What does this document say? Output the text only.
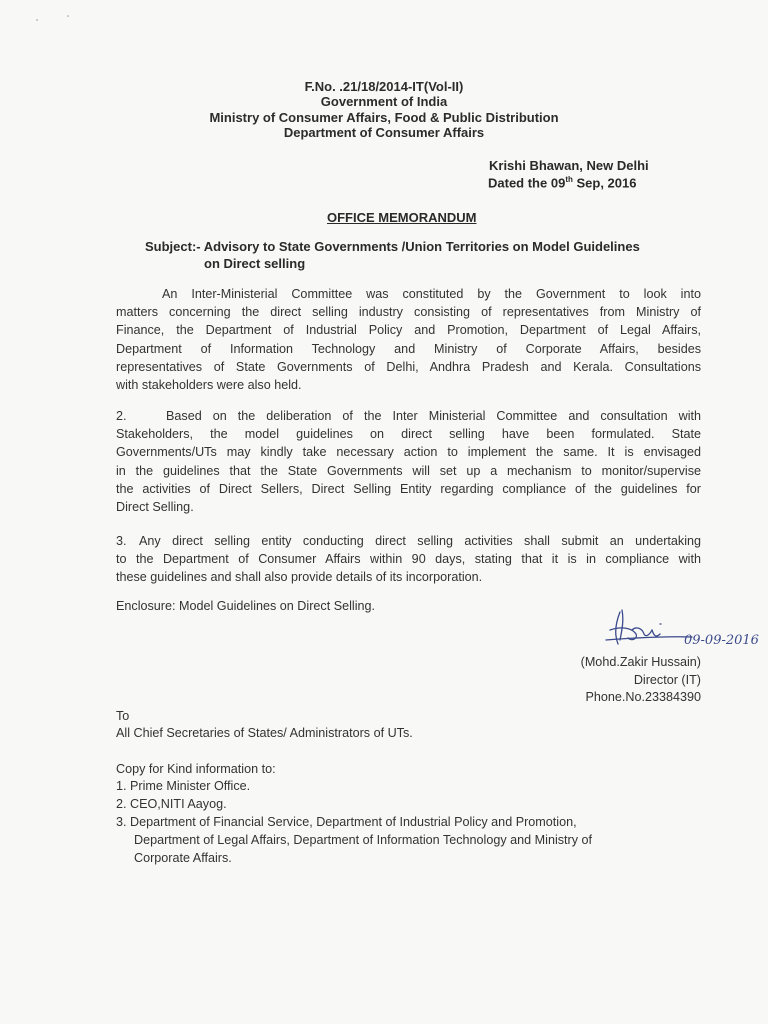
F.No. .21/18/2014-IT(Vol-II)
Government of India
Ministry of Consumer Affairs, Food & Public Distribution
Department of Consumer Affairs
Krishi Bhawan, New Delhi
Dated the 09th Sep, 2016
OFFICE MEMORANDUM
Subject:- Advisory to State Governments /Union Territories on Model Guidelines
on Direct selling
An Inter-Ministerial Committee was constituted by the Government to look into
matters concerning the direct selling industry consisting of representatives from Ministry of
Finance, the Department of Industrial Policy and Promotion, Department of Legal Affairs,
Department of Information Technology and Ministry of Corporate Affairs, besides
representatives of State Governments of Delhi, Andhra Pradesh and Kerala. Consultations
with stakeholders were also held.
2.	Based on the deliberation of the Inter Ministerial Committee and consultation with
Stakeholders, the model guidelines on direct selling have been formulated. State
Governments/UTs may kindly take necessary action to implement the same. It is envisaged
in the guidelines that the State Governments will set up a mechanism to monitor/supervise
the activities of Direct Sellers, Direct Selling Entity regarding compliance of the guidelines for
Direct Selling.
3. Any direct selling entity conducting direct selling activities shall submit an undertaking
to the Department of Consumer Affairs within 90 days, stating that it is in compliance with
these guidelines and shall also provide details of its incorporation.
Enclosure: Model Guidelines on Direct Selling.
09-09-2016
(Mohd.Zakir Hussain)
Director (IT)
Phone.No.23384390
To
All Chief Secretaries of States/ Administrators of UTs.
Copy for Kind information to:
1. Prime Minister Office.
2. CEO,NITI Aayog.
3. Department of Financial Service, Department of Industrial Policy and Promotion,
Department of Legal Affairs, Department of Information Technology and Ministry of
Corporate Affairs.
